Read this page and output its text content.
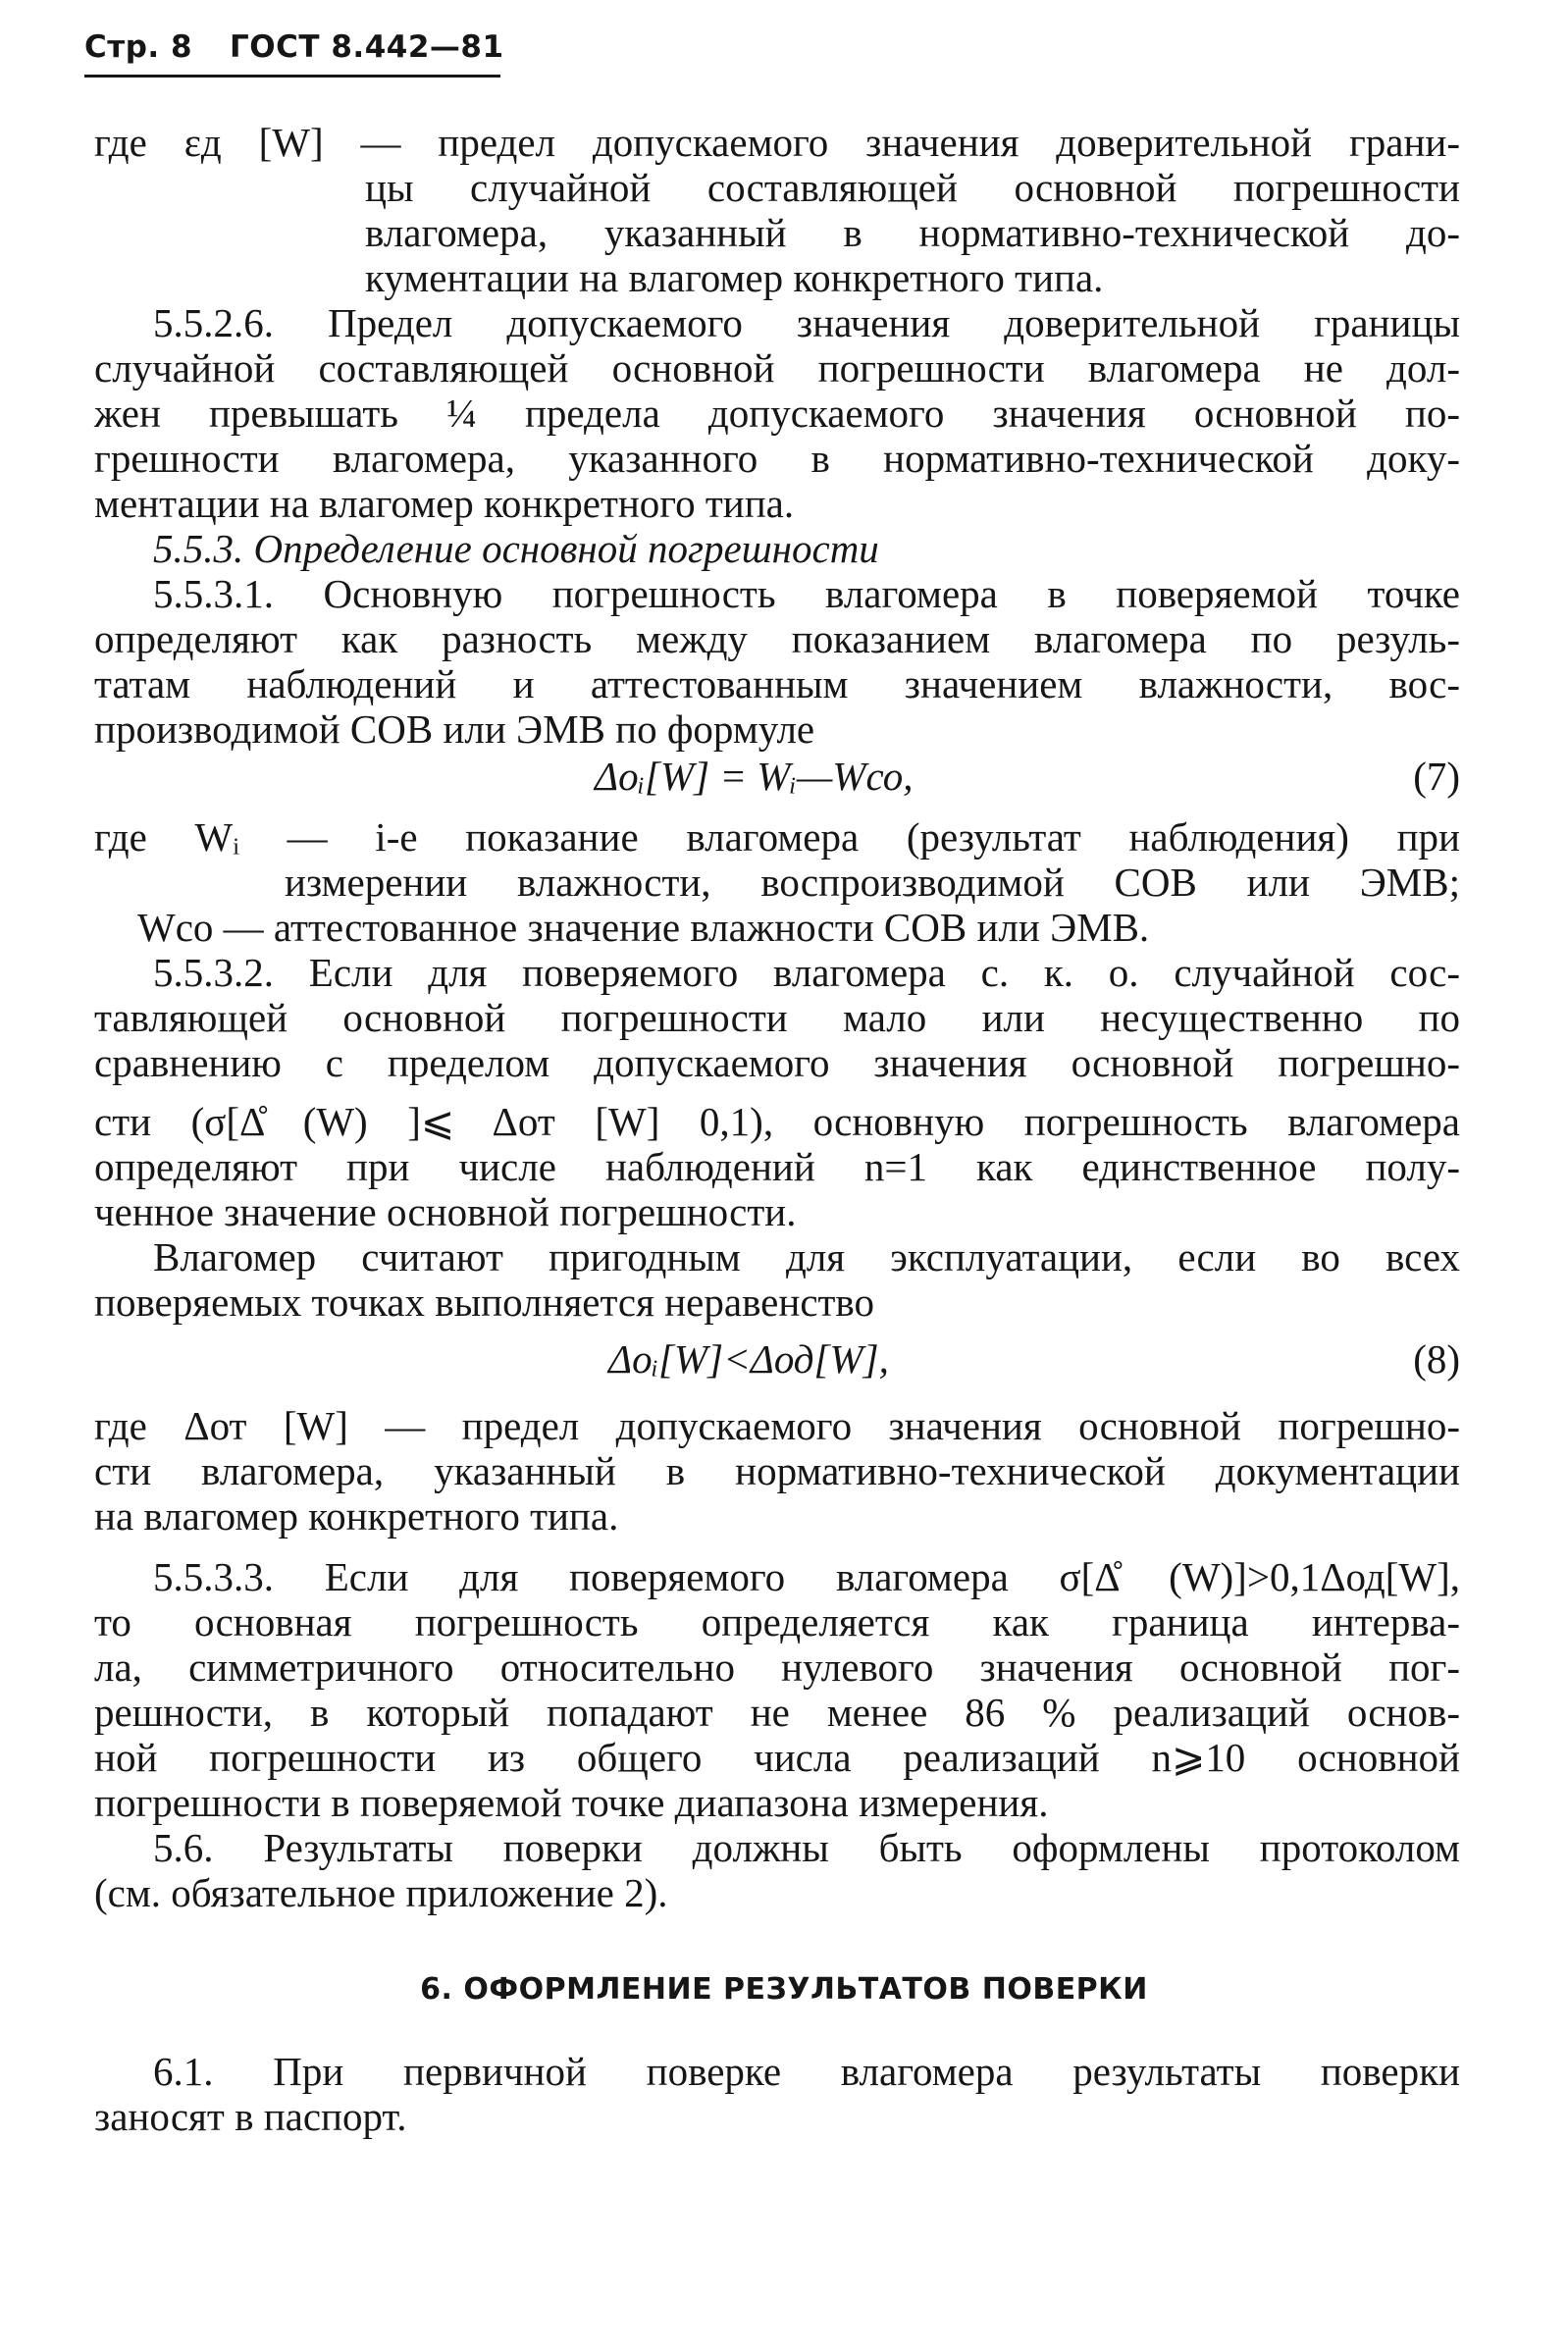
Стр. 8 ГОСТ 8.442—81
где εд [W] — предел допускаемого значения доверительной грани-
цы случайной составляющей основной погрешности
влагомера, указанный в нормативно-технической до-
кументации на влагомер конкретного типа.
5.5.2.6. Предел допускаемого значения доверительной границы
случайной составляющей основной погрешности влагомера не дол-
жен превышать ¼ предела допускаемого значения основной по-
грешности влагомера, указанного в нормативно-технической доку-
ментации на влагомер конкретного типа.
5.5.3. Определение основной погрешности
5.5.3.1. Основную погрешность влагомера в поверяемой точке
определяют как разность между показанием влагомера по резуль-
татам наблюдений и аттестованным значением влажности, вос-
производимой СОВ или ЭМВ по формуле
Δоᵢ[W] = Wᵢ—Wсо,	(7)
где Wᵢ — i-е показание влагомера (результат наблюдения) при
измерении влажности, воспроизводимой СОВ или ЭМВ;
Wсо — аттестованное значение влажности СОВ или ЭМВ.
5.5.3.2. Если для поверяемого влагомера с. к. о. случайной сос-
тавляющей основной погрешности мало или несущественно по
сравнению с пределом допускаемого значения основной погрешно-
сти (σ[Δ̊ (W) ]⩽ Δот [W] 0,1), основную погрешность влагомера
определяют при числе наблюдений n=1 как единственное полу-
ченное значение основной погрешности.
Влагомер считают пригодным для эксплуатации, если во всех
поверяемых точках выполняется неравенство
Δоᵢ[W]<Δод[W],	(8)
где Δот [W] — предел допускаемого значения основной погрешно-
сти влагомера, указанный в нормативно-технической документации
на влагомер конкретного типа.
5.5.3.3. Если для поверяемого влагомера σ[Δ̊ (W)]>0,1Δод[W],
то основная погрешность определяется как граница интерва-
ла, симметричного относительно нулевого значения основной пог-
решности, в который попадают не менее 86 % реализаций основ-
ной погрешности из общего числа реализаций n⩾10 основной
погрешности в поверяемой точке диапазона измерения.
5.6. Результаты поверки должны быть оформлены протоколом
(см. обязательное приложение 2).
6. ОФОРМЛЕНИЕ РЕЗУЛЬТАТОВ ПОВЕРКИ
6.1. При первичной поверке влагомера результаты поверки
заносят в паспорт.
